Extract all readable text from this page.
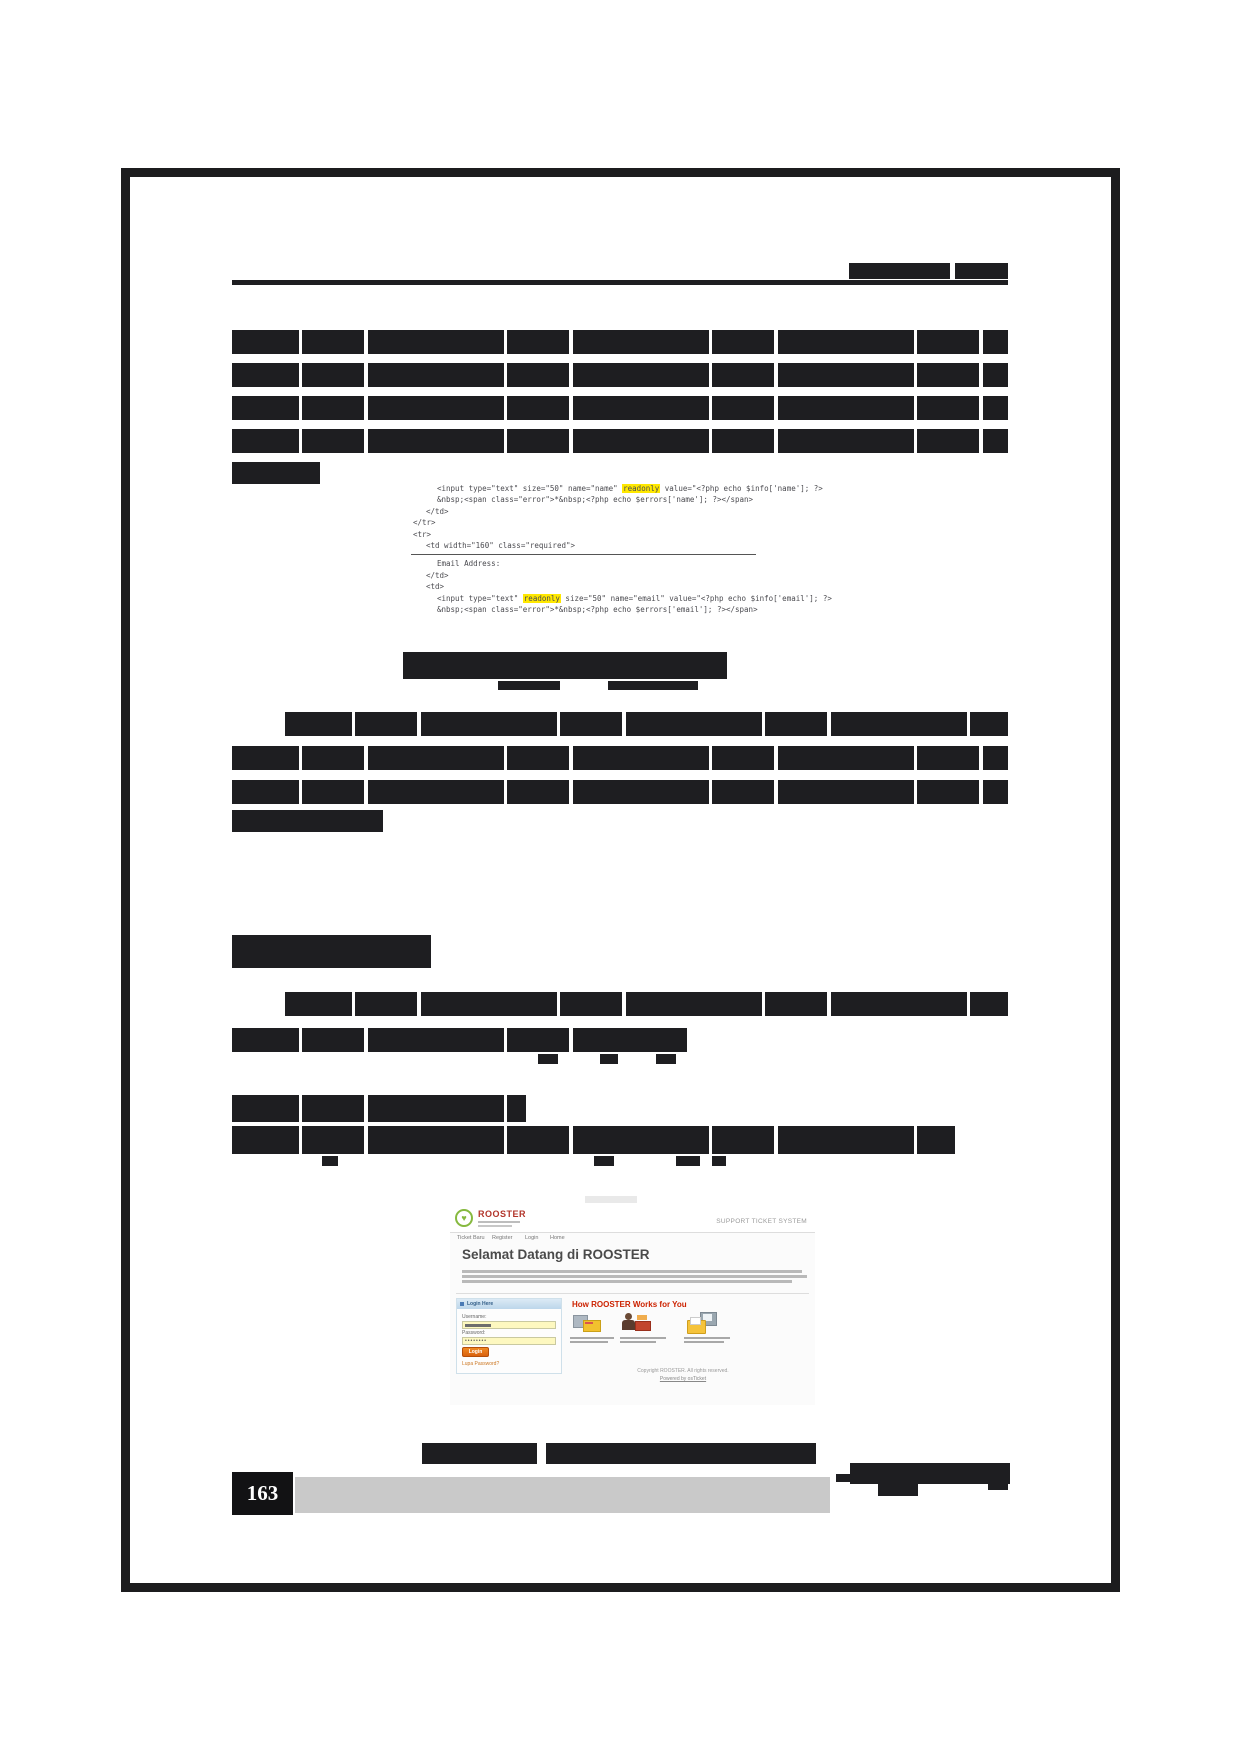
<input type="text" size="50" name="name" readonly value="<?php echo $info['name']; ?>
&nbsp;<span class="error">*&nbsp;<?php echo $errors['name']; ?></span>
</td>
</tr>
<tr>
<td width="160" class="required">
Email Address:
</td>
<td>
<input type="text" readonly size="50" name="email" value="<?php echo $info['email']; ?>
&nbsp;<span class="error">*&nbsp;<?php echo $errors['email']; ?></span>
♥	ROOSTER
SUPPORT TICKET SYSTEM
Ticket Baru Register Login Home
Selamat Datang di ROOSTER
Login Here
Username:
Password:
••••••••
Login
Lupa Password?
How ROOSTER Works for You
Copyright ROOSTER. All rights reserved.
Powered by osTicket
163
